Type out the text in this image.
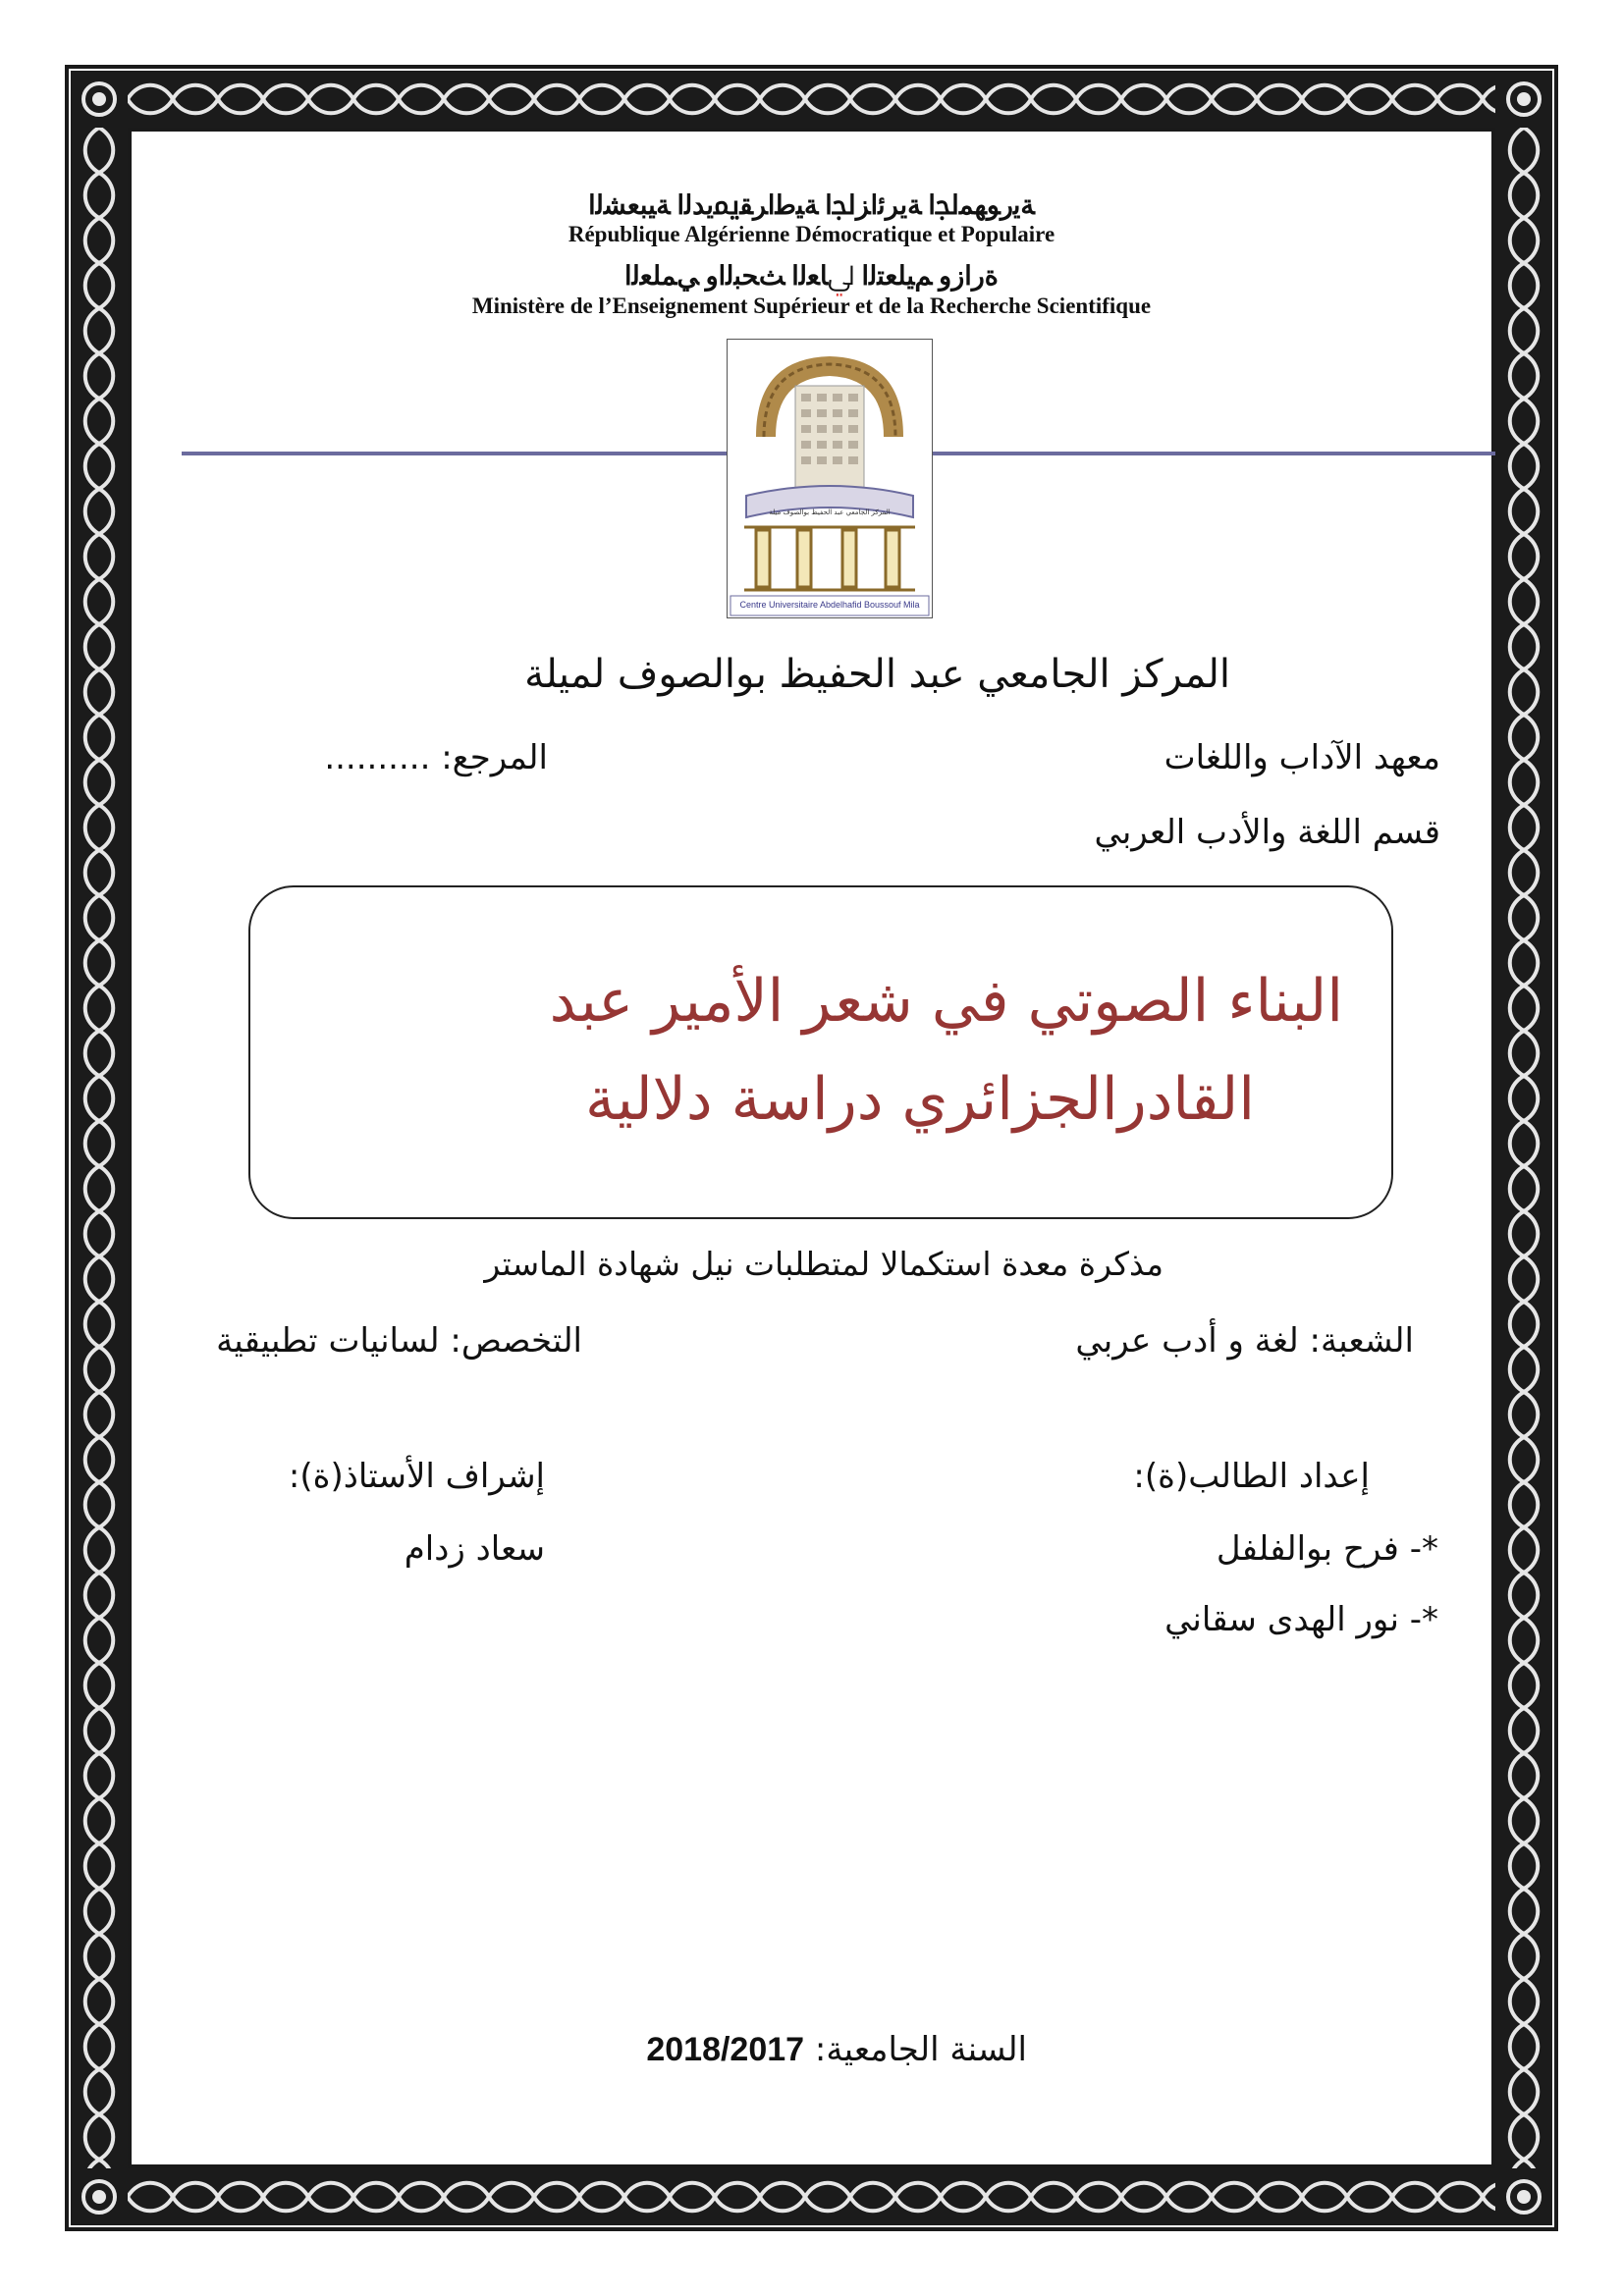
ﺔﻳﺭﻮﻬﻤﳉﺍ ﺔﻳﺮﺋﺍﺰﳉﺍ ﺔﻴﻃﺍﺮﻘﳝﻳﺪﻟﺍ ﺔﻴﺒﻌﺸﻟﺍ
République Algérienne Démocratique et Populaire
ﺓﺭﺍﺯﻭ ﻢﻴﻠﻌﺘﻟﺍ ﱄﺎﻌﻟﺍ ﺚﺤﺒﻟﺍﻭ ﻲﻤﻠﻌﻟﺍ
Ministère de l’Enseignement Supérieur et de la Recherche Scientifique
المركز الجامعي عبد الحفيظ بوالصوف ميلة
Centre Universitaire Abdelhafid Boussouf Mila
المركز الجامعي عبد الحفيظ بوالصوف لميلة
معهد الآداب واللغات
المرجع: ..........
قسم اللغة والأدب العربي
البناء الصوتي في شعر الأمير عبد
القادرالجزائري دراسة دلالية
مذكرة معدة استكمالا لمتطلبات نيل شهادة الماستر
الشعبة: لغة و أدب عربي
التخصص: لسانيات تطبيقية
إعداد الطالب(ة):
إشراف الأستاذ(ة):
*- فرح بوالفلفل
سعاد زدام
*- نور الهدى سقاني
السنة الجامعية: 2018/2017
